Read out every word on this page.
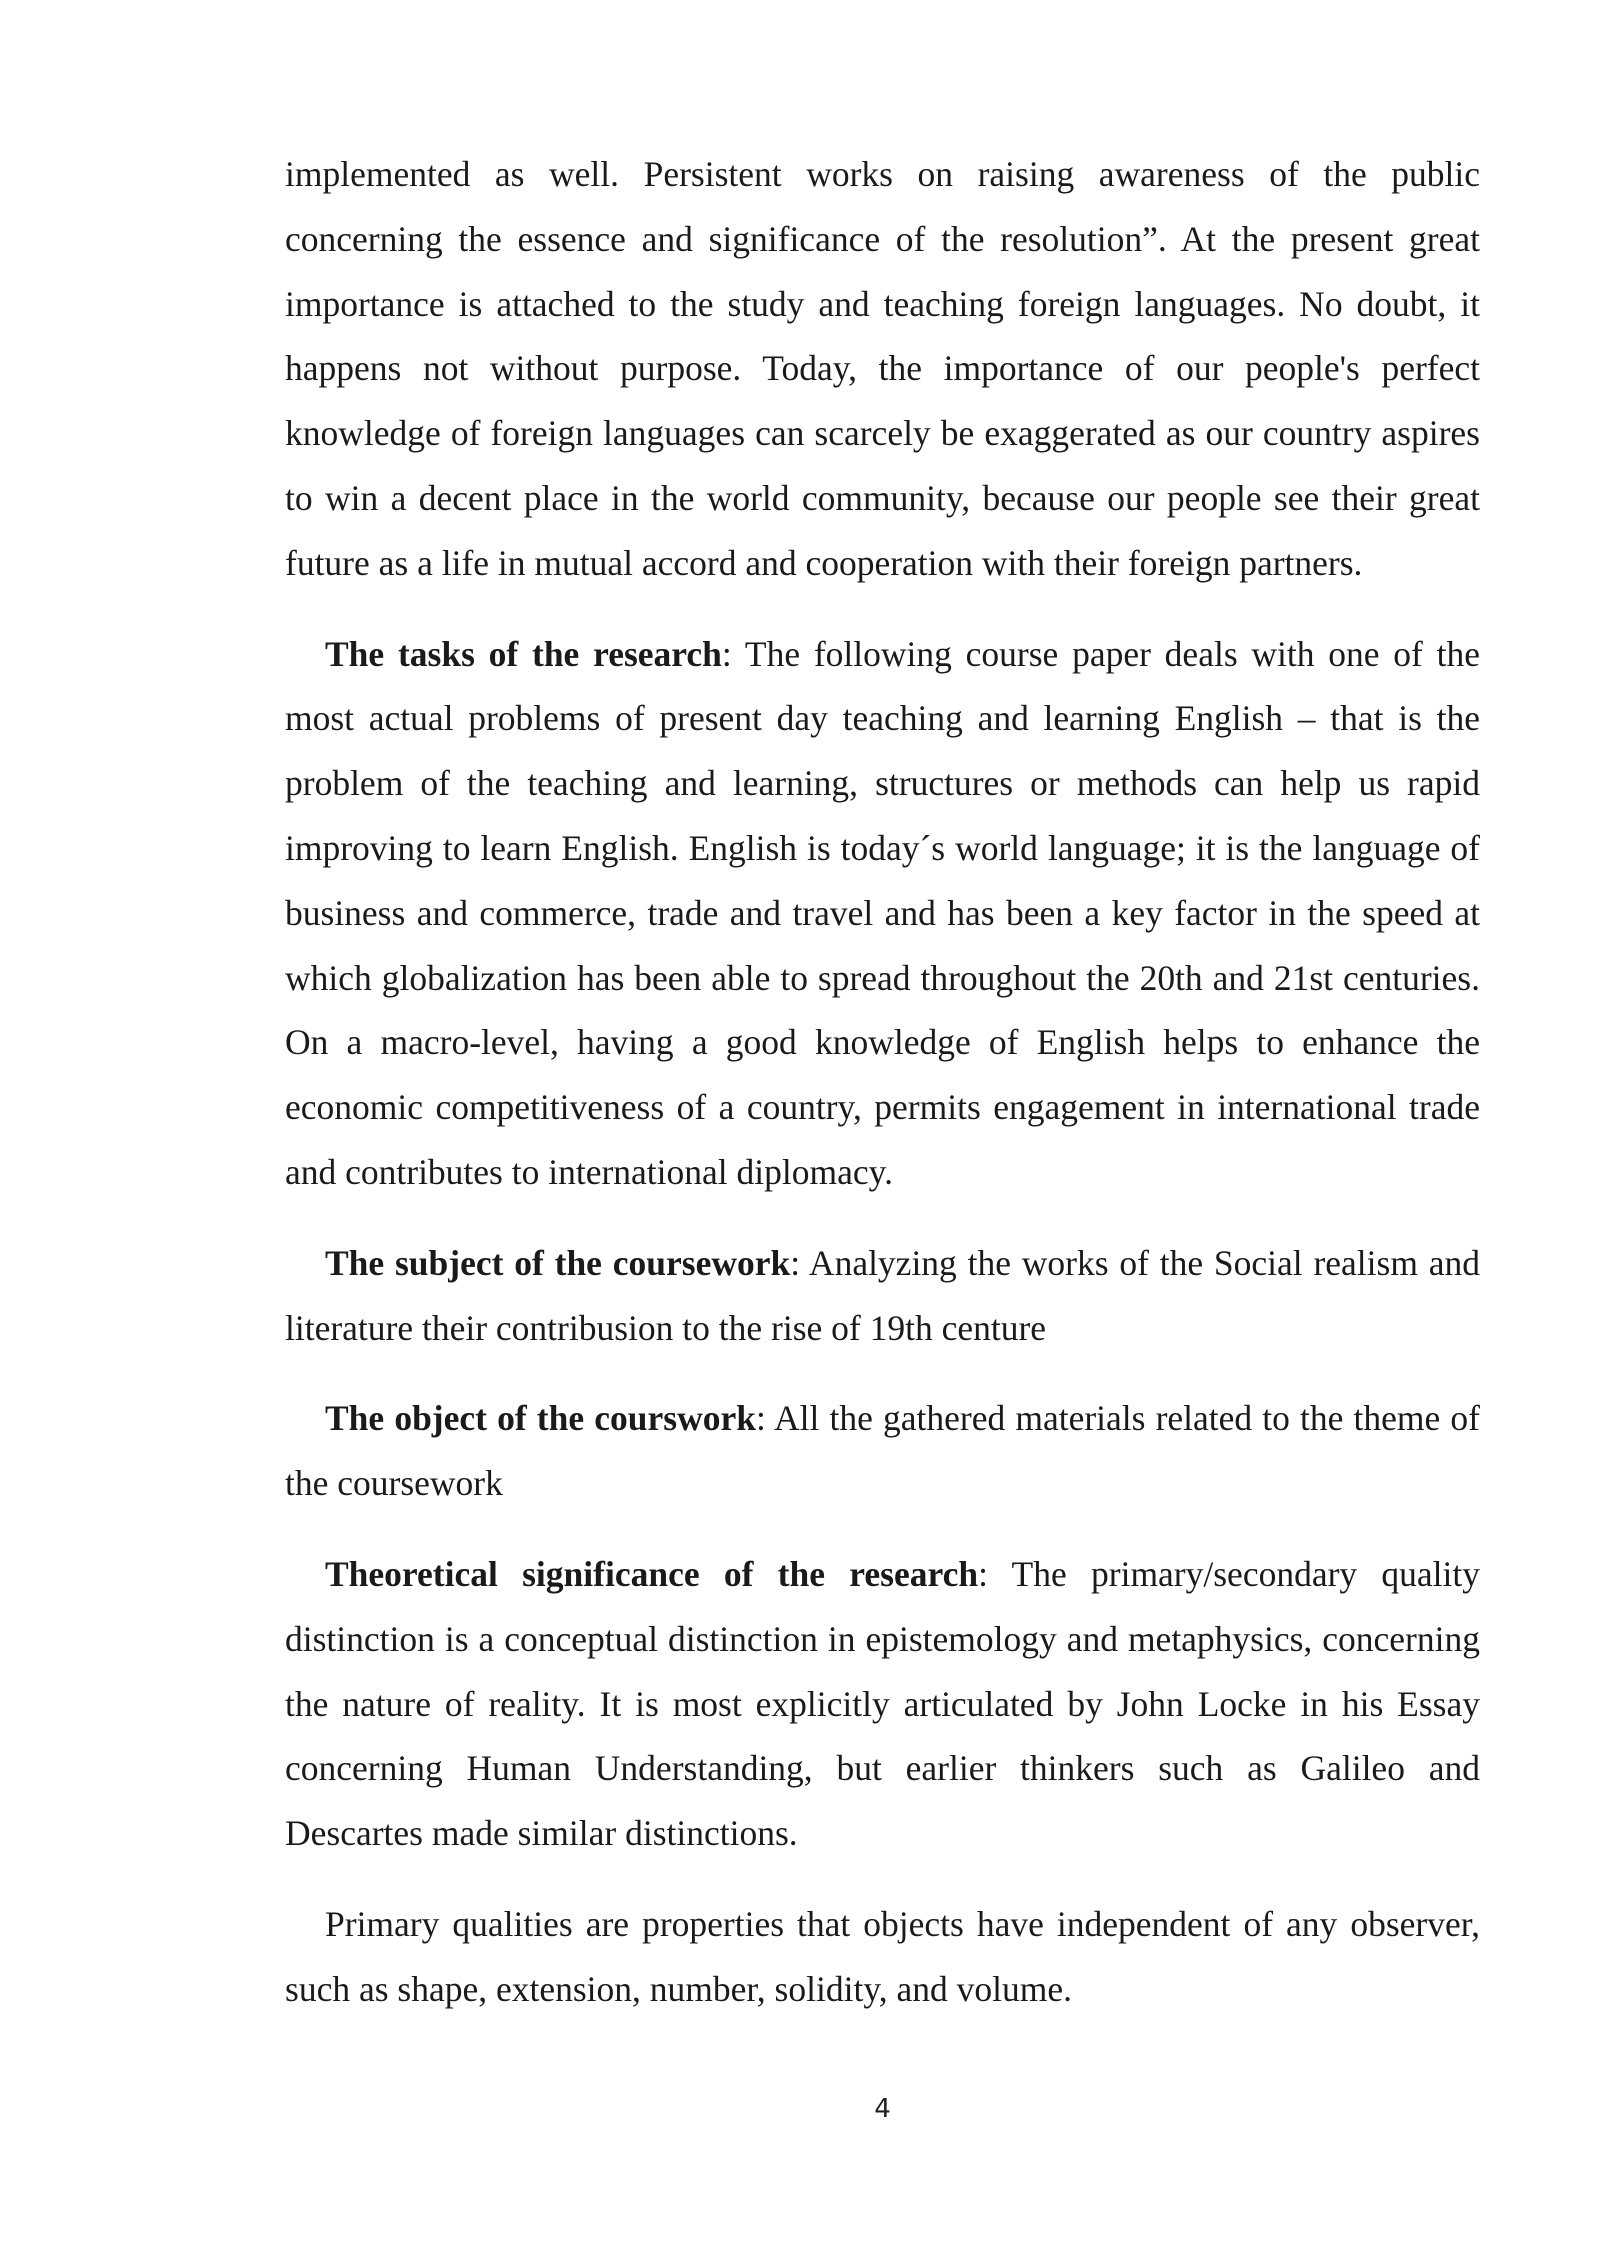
implemented as well. Persistent works on raising awareness of the public concerning the essence and significance of the resolution”. At the present great importance is attached to the study and teaching foreign languages. No doubt, it happens not without purpose. Today, the importance of our people's perfect knowledge of foreign languages can scarcely be exaggerated as our country aspires to win a decent place in the world community, because our people see their great future as a life in mutual accord and cooperation with their foreign partners.

The tasks of the research: The following course paper deals with one of the most actual problems of present day teaching and learning English – that is the problem of the teaching and learning, structures or methods can help us rapid improving to learn English. English is today´s world language; it is the language of business and commerce, trade and travel and has been a key factor in the speed at which globalization has been able to spread throughout the 20th and 21st centuries. On a macro-level, having a good knowledge of English helps to enhance the economic competitiveness of a country, permits engagement in international trade and contributes to international diplomacy.

The subject of the coursework: Analyzing the works of the Social realism and literature their contribusion to the rise of 19th centure

The object of the courswork: All the gathered materials related to the theme of the coursework

Theoretical significance of the research: The primary/secondary quality distinction is a conceptual distinction in epistemology and metaphysics, concerning the nature of reality. It is most explicitly articulated by John Locke in his Essay concerning Human Understanding, but earlier thinkers such as Galileo and Descartes made similar distinctions.

Primary qualities are properties that objects have independent of any observer, such as shape, extension, number, solidity, and volume.

4
